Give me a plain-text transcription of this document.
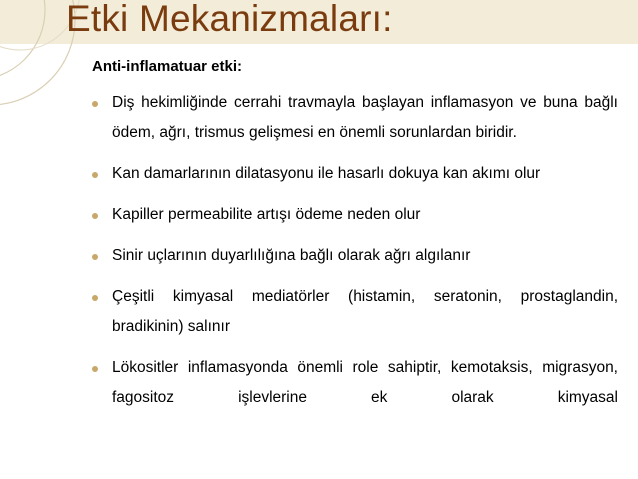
Etki Mekanizmaları:
Anti-inflamatuar etki:
Diş hekimliğinde cerrahi travmayla başlayan inflamasyon ve buna bağlı ödem, ağrı, trismus gelişmesi en önemli sorunlardan biridir.
Kan damarlarının dilatasyonu ile hasarlı dokuya kan akımı olur
Kapiller permeabilite artışı ödeme neden olur
Sinir uçlarının duyarlılığına bağlı olarak ağrı algılanır
Çeşitli kimyasal mediatörler (histamin, seratonin, prostaglandin, bradikinin) salınır
Lökositler inflamasyonda önemli role sahiptir, kemotaksis, migrasyon, fagositoz işlevlerine ek olarak kimyasal
